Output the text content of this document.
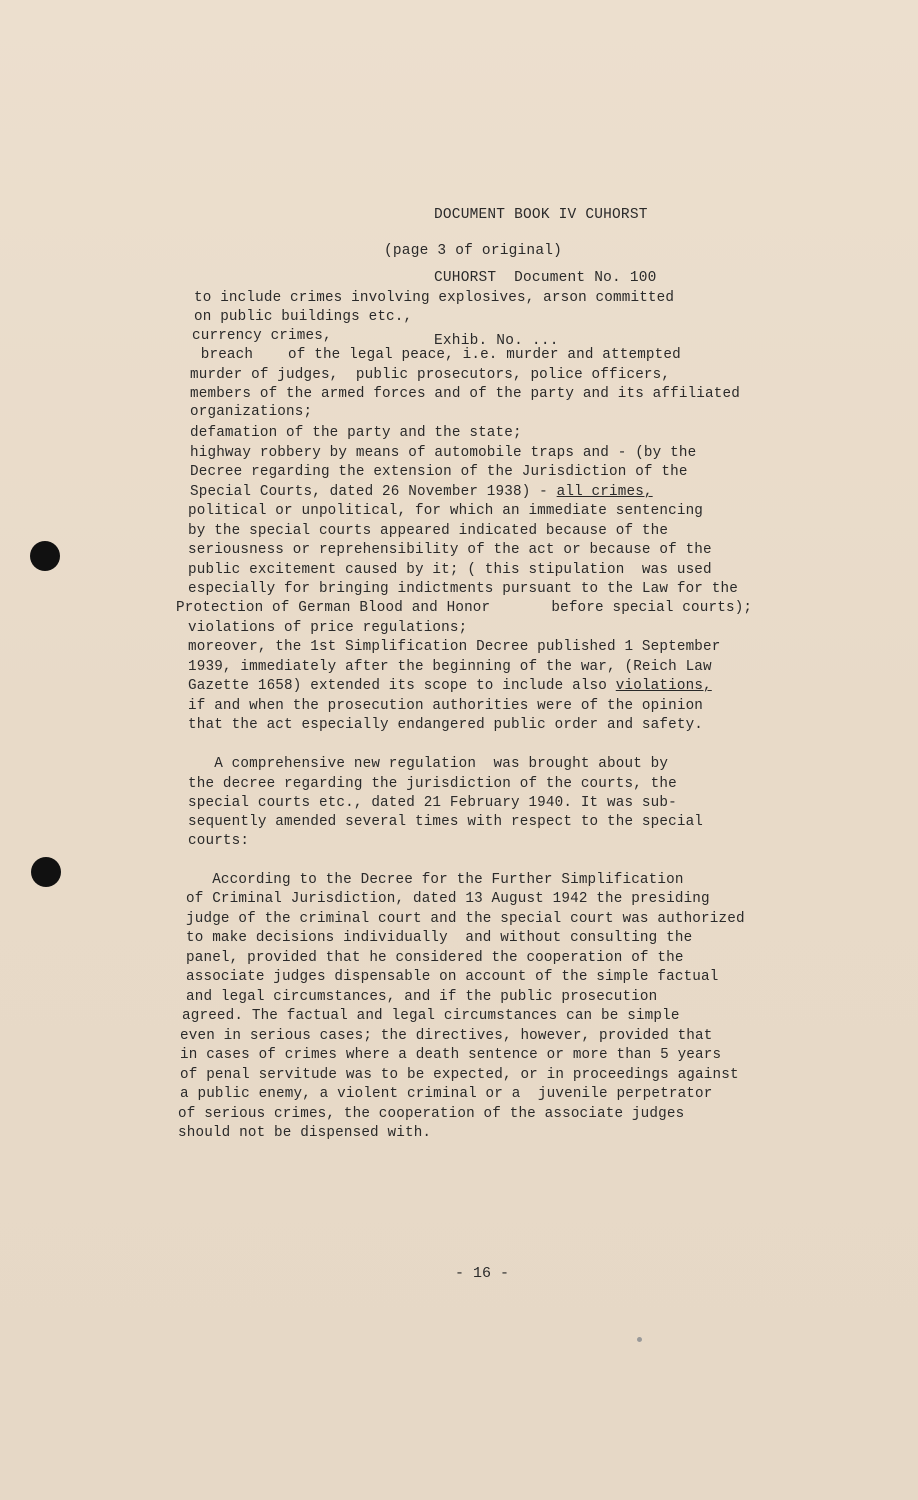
DOCUMENT BOOK IV CUHORST

CUHORST  Document No. 100

Exhib. No. ...

(page 3 of original)
to include crimes involving explosives, arson committed
on public buildings etc.,
currency crimes,
breach    of the legal peace, i.e. murder and attempted
murder of judges,  public prosecutors, police officers,
members of the armed forces and of the party and its affiliated
organizations;
defamation of the party and the state;
highway robbery by means of automobile traps and - (by the
Decree regarding the extension of the Jurisdiction of the
Special Courts, dated 26 November 1938) - all crimes,
political or unpolitical, for which an immediate sentencing
by the special courts appeared indicated because of the
seriousness or reprehensibility of the act or because of the
public excitement caused by it; ( this stipulation  was used
especially for bringing indictments pursuant to the Law for the
Protection of German Blood and Honor       before special courts);
violations of price regulations;
moreover, the 1st Simplification Decree published 1 September
1939, immediately after the beginning of the war, (Reich Law
Gazette 1658) extended its scope to include also violations,
if and when the prosecution authorities were of the opinion
that the act especially endangered public order and safety.
A comprehensive new regulation  was brought about by
the decree regarding the jurisdiction of the courts, the
special courts etc., dated 21 February 1940. It was sub-
sequently amended several times with respect to the special
courts:
According to the Decree for the Further Simplification
of Criminal Jurisdiction, dated 13 August 1942 the presiding
judge of the criminal court and the special court was authorized
to make decisions individually  and without consulting the
panel, provided that he considered the cooperation of the
associate judges dispensable on account of the simple factual
and legal circumstances, and if the public prosecution
agreed. The factual and legal circumstances can be simple
even in serious cases; the directives, however, provided that
in cases of crimes where a death sentence or more than 5 years
of penal servitude was to be expected, or in proceedings against
a public enemy, a violent criminal or a  juvenile perpetrator
of serious crimes, the cooperation of the associate judges
should not be dispensed with.
- 16 -
